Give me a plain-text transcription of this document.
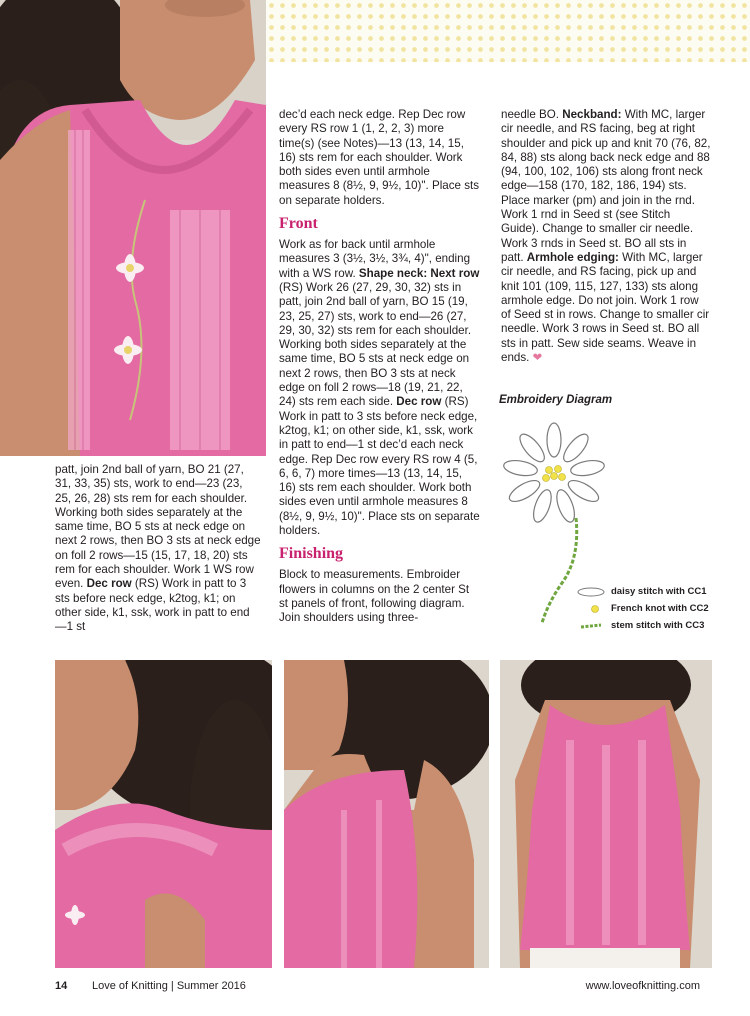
patt, join 2nd ball of yarn, BO 21 (27, 31, 33, 35) sts, work to end—23 (23, 25, 26, 28) sts rem for each shoulder. Working both sides separately at the same time, BO 5 sts at neck edge on next 2 rows, then BO 3 sts at neck edge on foll 2 rows—15 (15, 17, 18, 20) sts rem for each shoulder. Work 1 WS row even. Dec row (RS) Work in patt to 3 sts before neck edge, k2tog, k1; on other side, k1, ssk, work in patt to end—1 st

dec’d each neck edge. Rep Dec row every RS row 1 (1, 2, 2, 3) more time(s) (see Notes)—13 (13, 14, 15, 16) sts rem for each shoulder. Work both sides even until armhole measures 8 (8½, 9, 9½, 10)". Place sts on separate holders.

Front

Work as for back until armhole measures 3 (3½, 3½, 3¾, 4)", ending with a WS row. Shape neck: Next row (RS) Work 26 (27, 29, 30, 32) sts in patt, join 2nd ball of yarn, BO 15 (19, 23, 25, 27) sts, work to end—26 (27, 29, 30, 32) sts rem for each shoulder. Working both sides separately at the same time, BO 5 sts at neck edge on next 2 rows, then BO 3 sts at neck edge on foll 2 rows—18 (19, 21, 22, 24) sts rem each side. Dec row (RS) Work in patt to 3 sts before neck edge, k2tog, k1; on other side, k1, ssk, work in patt to end—1 st dec’d each neck edge. Rep Dec row every RS row 4 (5, 6, 6, 7) more times—13 (13, 14, 15, 16) sts rem each shoulder. Work both sides even until armhole measures 8 (8½, 9, 9½, 10)". Place sts on separate holders.

Finishing

Block to measurements. Embroider flowers in columns on the 2 center St st panels of front, following diagram. Join shoulders using three-

needle BO. Neckband: With MC, larger cir needle, and RS facing, beg at right shoulder and pick up and knit 70 (76, 82, 84, 88) sts along back neck edge and 88 (94, 100, 102, 106) sts along front neck edge—158 (170, 182, 186, 194) sts. Place marker (pm) and join in the rnd. Work 1 rnd in Seed st (see Stitch Guide). Change to smaller cir needle. Work 3 rnds in Seed st. BO all sts in patt. Armhole edging: With MC, larger cir needle, and RS facing, pick up and knit 101 (109, 115, 127, 133) sts along armhole edge. Do not join. Work 1 row of Seed st in rows. Change to smaller cir needle. Work 3 rows in Seed st. BO all sts in patt. Sew side seams. Weave in ends. ❤

Embroidery Diagram
daisy stitch with CC1
French knot with CC2
stem stitch with CC3
14 Love of Knitting | Summer 2016	www.loveofknitting.com
